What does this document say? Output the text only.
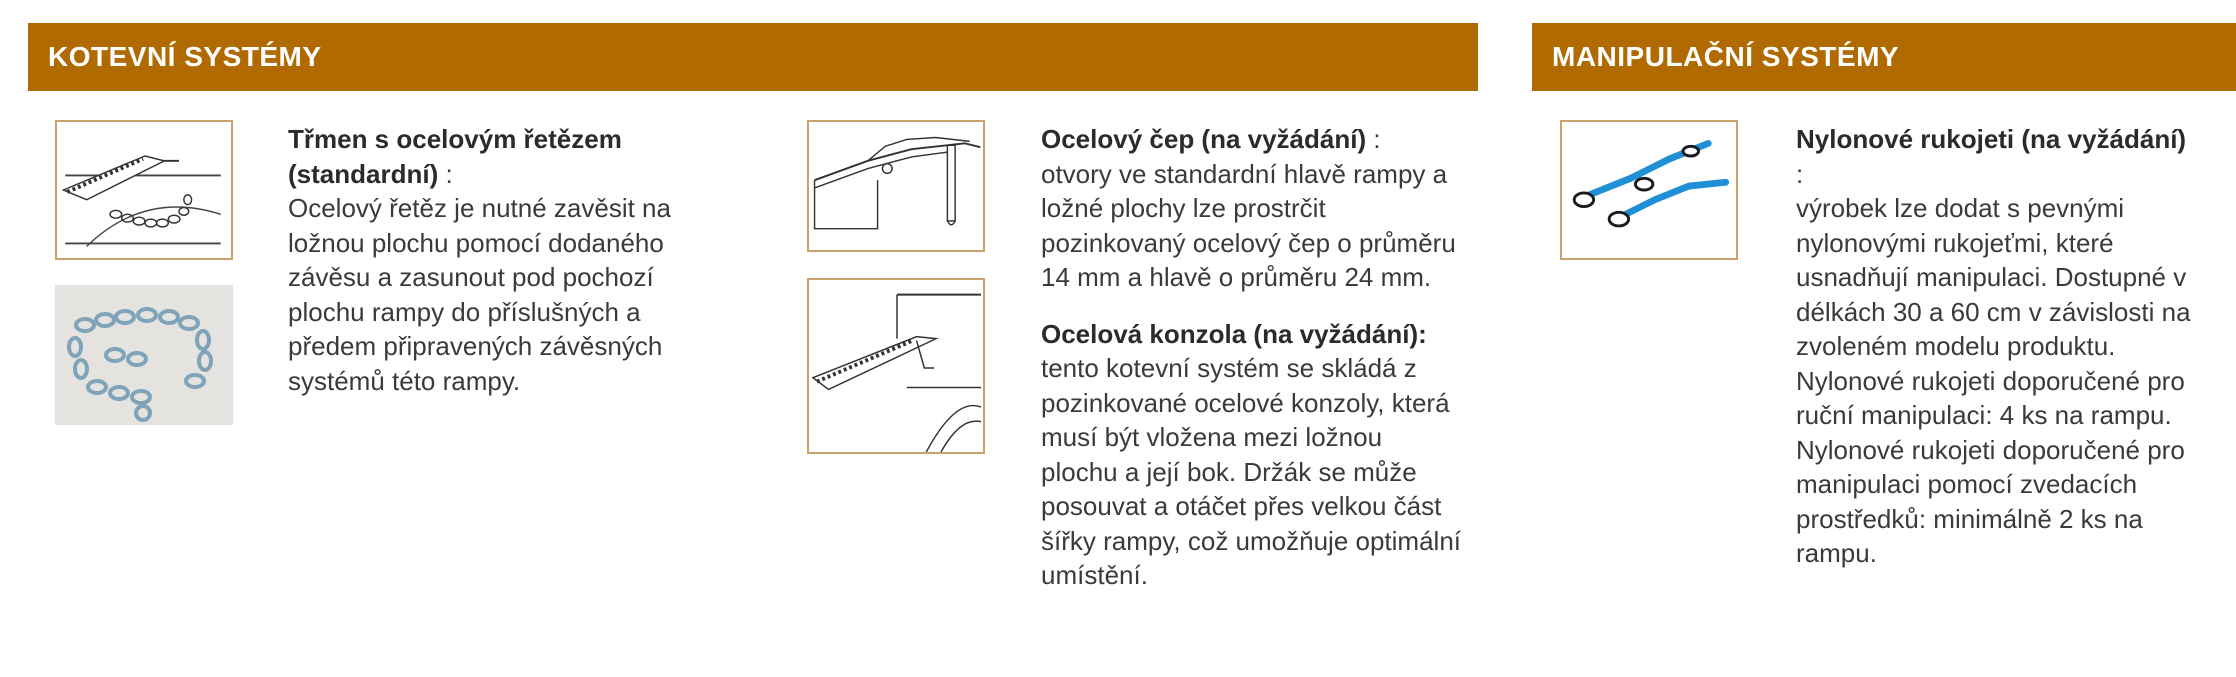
KOTEVNÍ SYSTÉMY	MANIPULAČNÍ SYSTÉMY

Třmen s ocelovým řetězem (standardní) :
Ocelový řetěz je nutné zavěsit na ložnou plochu pomocí dodaného závěsu a zasunout pod pochozí plochu rampy do příslušných a předem připravených závěsných systémů této rampy.

Ocelový čep (na vyžádání) :
otvory ve standardní hlavě rampy a ložné plochy lze prostrčit pozinkovaný ocelový čep o průměru 14 mm a hlavě o průměru 24 mm.

Ocelová konzola (na vyžádání):
tento kotevní systém se skládá z pozinkované ocelové konzoly, která musí být vložena mezi ložnou plochu a její bok. Držák se může posouvat a otáčet přes velkou část šířky rampy, což umožňuje optimální umístění.

Nylonové rukojeti (na vyžádání)
:
výrobek lze dodat s pevnými nylonovými rukojeťmi, které usnadňují manipulaci. Dostupné v délkách 30 a 60 cm v závislosti na zvoleném modelu produktu. Nylonové rukojeti doporučené pro ruční manipulaci: 4 ks na rampu. Nylonové rukojeti doporučené pro manipulaci pomocí zvedacích prostředků: minimálně 2 ks na rampu.
